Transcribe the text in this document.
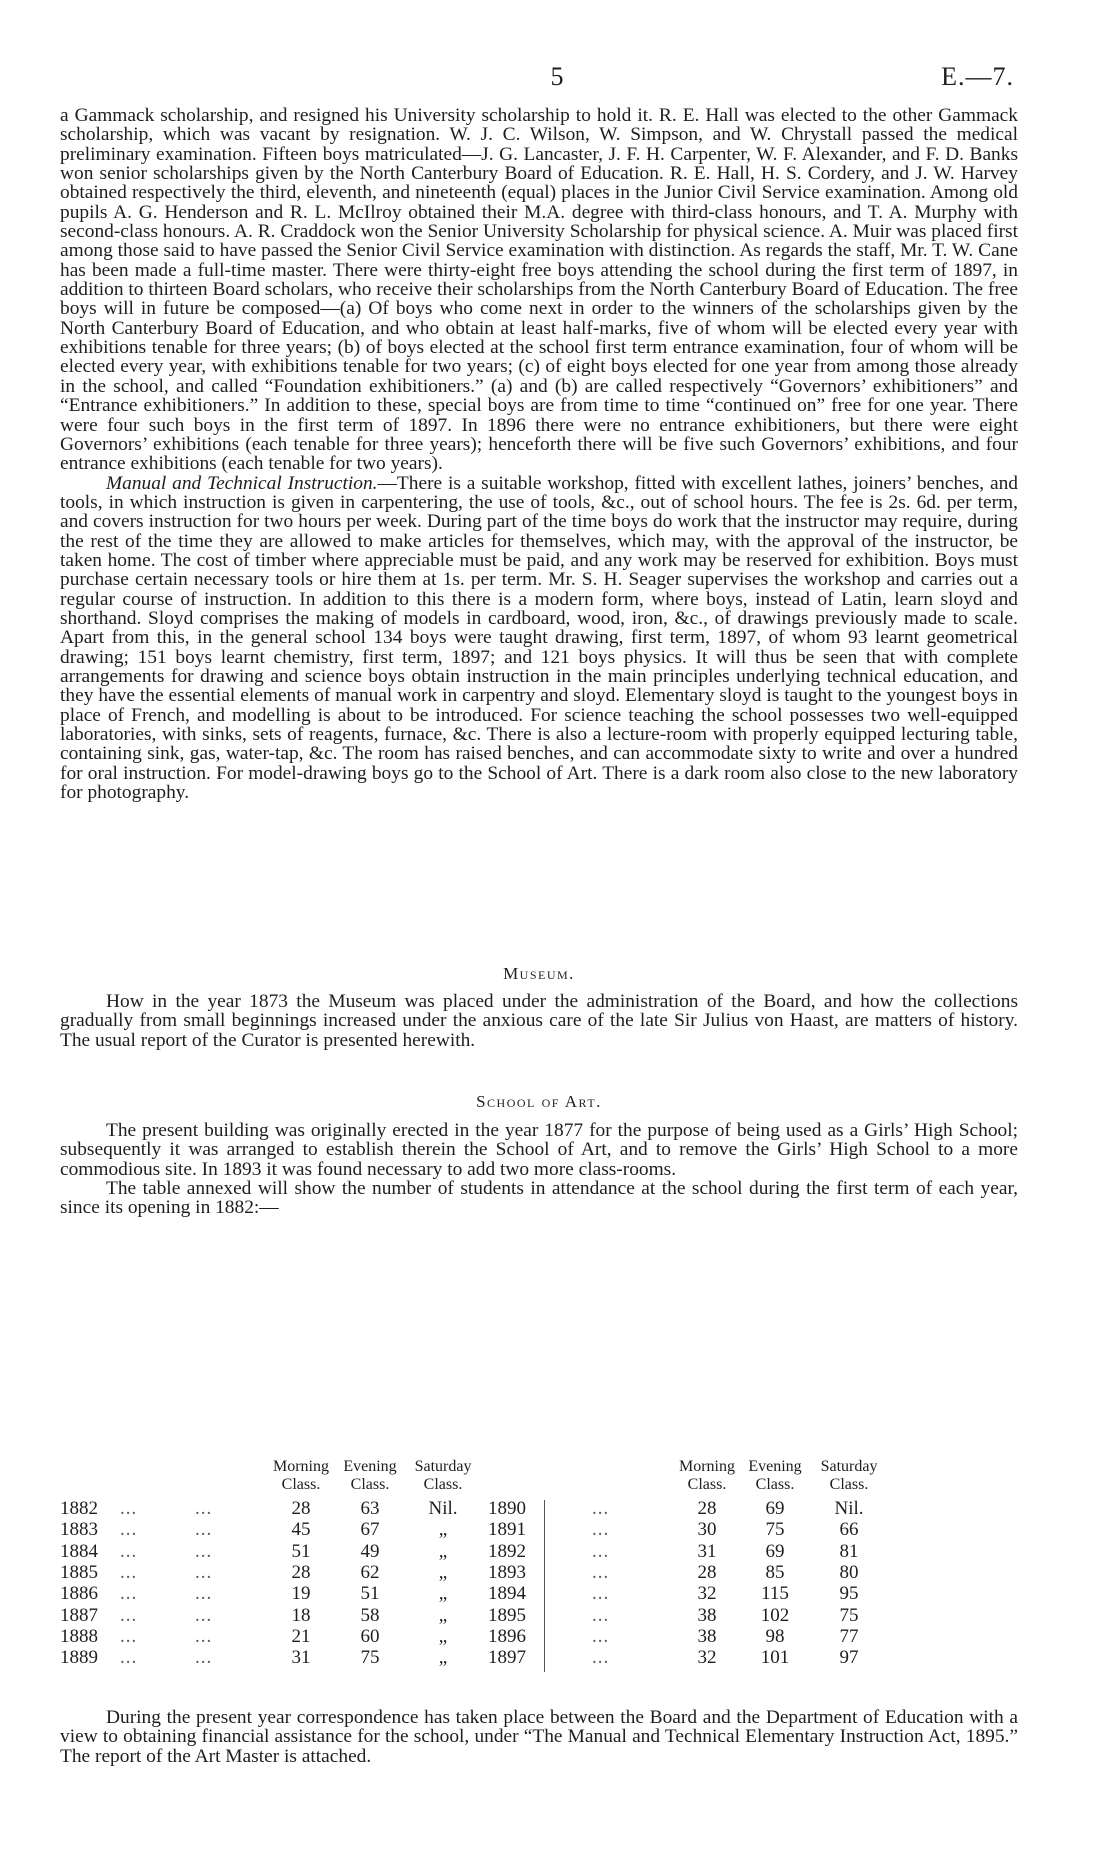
5	E.—7.

a Gammack scholarship, and resigned his University scholarship to hold it. R. E. Hall was elected to the other Gammack scholarship, which was vacant by resignation. W. J. C. Wilson, W. Simpson, and W. Chrystall passed the medical preliminary examination. Fifteen boys matriculated—J. G. Lancaster, J. F. H. Carpenter, W. F. Alexander, and F. D. Banks won senior scholarships given by the North Canterbury Board of Education. R. E. Hall, H. S. Cordery, and J. W. Harvey obtained respectively the third, eleventh, and nineteenth (equal) places in the Junior Civil Service examination. Among old pupils A. G. Henderson and R. L. McIlroy obtained their M.A. degree with third-class honours, and T. A. Murphy with second-class honours. A. R. Craddock won the Senior University Scholarship for physical science. A. Muir was placed first among those said to have passed the Senior Civil Service examination with distinction. As regards the staff, Mr. T. W. Cane has been made a full-time master. There were thirty-eight free boys attending the school during the first term of 1897, in addition to thirteen Board scholars, who receive their scholarships from the North Canterbury Board of Education. The free boys will in future be composed—(a) Of boys who come next in order to the winners of the scholarships given by the North Canterbury Board of Education, and who obtain at least half-marks, five of whom will be elected every year with exhibitions tenable for three years; (b) of boys elected at the school first term entrance examination, four of whom will be elected every year, with exhibitions tenable for two years; (c) of eight boys elected for one year from among those already in the school, and called “Foundation exhibitioners.” (a) and (b) are called respectively “Governors’ exhibitioners” and “Entrance exhibitioners.” In addition to these, special boys are from time to time “continued on” free for one year. There were four such boys in the first term of 1897. In 1896 there were no entrance exhibitioners, but there were eight Governors’ exhibitions (each tenable for three years); henceforth there will be five such Governors’ exhibitions, and four entrance exhibitions (each tenable for two years).

Manual and Technical Instruction.—There is a suitable workshop, fitted with excellent lathes, joiners’ benches, and tools, in which instruction is given in carpentering, the use of tools, &c., out of school hours. The fee is 2s. 6d. per term, and covers instruction for two hours per week. During part of the time boys do work that the instructor may require, during the rest of the time they are allowed to make articles for themselves, which may, with the approval of the instructor, be taken home. The cost of timber where appreciable must be paid, and any work may be reserved for exhibition. Boys must purchase certain necessary tools or hire them at 1s. per term. Mr. S. H. Seager supervises the workshop and carries out a regular course of instruction. In addition to this there is a modern form, where boys, instead of Latin, learn sloyd and shorthand. Sloyd comprises the making of models in cardboard, wood, iron, &c., of drawings previously made to scale. Apart from this, in the general school 134 boys were taught drawing, first term, 1897, of whom 93 learnt geometrical drawing; 151 boys learnt chemistry, first term, 1897; and 121 boys physics. It will thus be seen that with complete arrangements for drawing and science boys obtain instruction in the main principles underlying technical education, and they have the essential elements of manual work in carpentry and sloyd. Elementary sloyd is taught to the youngest boys in place of French, and modelling is about to be introduced. For science teaching the school possesses two well-equipped laboratories, with sinks, sets of reagents, furnace, &c. There is also a lecture-room with properly equipped lecturing table, containing sink, gas, water-tap, &c. The room has raised benches, and can accommodate sixty to write and over a hundred for oral instruction. For model-drawing boys go to the School of Art. There is a dark room also close to the new laboratory for photography.

Museum.

How in the year 1873 the Museum was placed under the administration of the Board, and how the collections gradually from small beginnings increased under the anxious care of the late Sir Julius von Haast, are matters of history. The usual report of the Curator is presented herewith.

School of Art.

The present building was originally erected in the year 1877 for the purpose of being used as a Girls’ High School; subsequently it was arranged to establish therein the School of Art, and to remove the Girls’ High School to a more commodious site. In 1893 it was found necessary to add two more class-rooms.

The table annexed will show the number of students in attendance at the school during the first term of each year, since its opening in 1882:—

Morning Class.
Evening Class.
Saturday Class.
Morning Class.
Evening Class.
Saturday Class.
1882 ...	...	28	63	Nil.
1883 ...	...	45	67	„
1884 ...	...	51	49	„
1885 ...	...	28	62	„
1886 ...	...	19	51	„
1887 ...	...	18	58	„
1888 ...	...	21	60	„
1889 ...	...	31	75	„
1890	...	28	69	Nil.
1891	...	30	75	66
1892	...	31	69	81
1893	...	28	85	80
1894	...	32	115	95
1895	...	38	102	75
1896	...	38	98	77
1897	...	32	101	97

During the present year correspondence has taken place between the Board and the Department of Education with a view to obtaining financial assistance for the school, under “The Manual and Technical Elementary Instruction Act, 1895.” The report of the Art Master is attached.
